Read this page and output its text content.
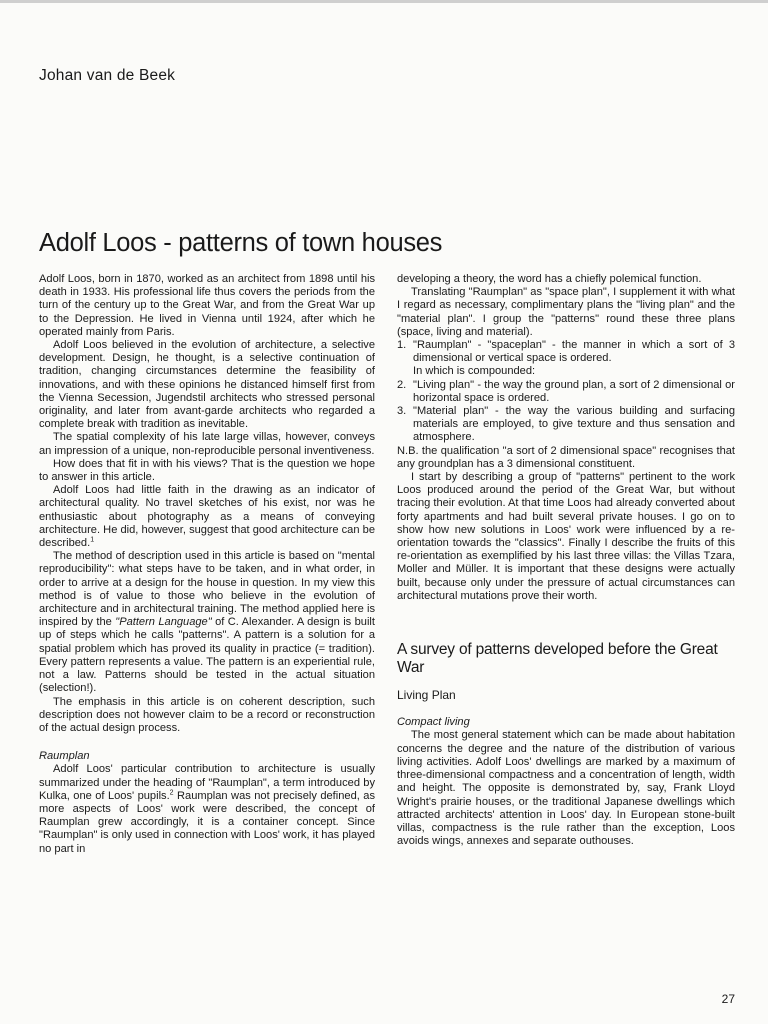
Johan van de Beek
Adolf Loos - patterns of town houses

Adolf Loos, born in 1870, worked as an architect from 1898 until his death in 1933. His professional life thus covers the periods from the turn of the century up to the Great War, and from the Great War up to the Depression. He lived in Vienna until 1924, after which he operated mainly from Paris.

Adolf Loos believed in the evolution of architecture, a selective development. Design, he thought, is a selective continuation of tradition, changing circumstances determine the feasibility of innovations, and with these opinions he distanced himself first from the Vienna Secession, Jugendstil architects who stressed personal originality, and later from avant-garde architects who regarded a complete break with tradition as inevitable.

The spatial complexity of his late large villas, however, conveys an impression of a unique, non-reproducible personal inventiveness.

How does that fit in with his views? That is the question we hope to answer in this article.

Adolf Loos had little faith in the drawing as an indicator of architectural quality. No travel sketches of his exist, nor was he enthusiastic about photography as a means of conveying architecture. He did, however, suggest that good architecture can be described.$^1$

The method of description used in this article is based on "mental reproducibility": what steps have to be taken, and in what order, in order to arrive at a design for the house in question. In my view this method is of value to those who believe in the evolution of architecture and in architectural training. The method applied here is inspired by the "Pattern Language" of C. Alexander. A design is built up of steps which he calls "patterns". A pattern is a solution for a spatial problem which has proved its quality in practice (= tradition). Every pattern represents a value. The pattern is an experiential rule, not a law. Patterns should be tested in the actual situation (selection!).

The emphasis in this article is on coherent description, such description does not however claim to be a record or reconstruction of the actual design process.

Raumplan

Adolf Loos' particular contribution to architecture is usually summarized under the heading of "Raumplan", a term introduced by Kulka, one of Loos' pupils.$^2$ Raumplan was not precisely defined, as more aspects of Loos' work were described, the concept of Raumplan grew accordingly, it is a container concept. Since "Raumplan" is only used in connection with Loos' work, it has played no part in

developing a theory, the word has a chiefly polemical function.

Translating "Raumplan" as "space plan", I supplement it with what I regard as necessary, complimentary plans the "living plan" and the "material plan". I group the "patterns" round these three plans (space, living and material).

1. "Raumplan" - "spaceplan" - the manner in which a sort of 3 dimensional or vertical space is ordered.
In which is compounded:
2. "Living plan" - the way the ground plan, a sort of 2 dimensional or horizontal space is ordered.
3. "Material plan" - the way the various building and surfacing materials are employed, to give texture and thus sensation and atmosphere.

N.B. the qualification "a sort of 2 dimensional space" recognises that any groundplan has a 3 dimensional constituent.

I start by describing a group of "patterns" pertinent to the work Loos produced around the period of the Great War, but without tracing their evolution. At that time Loos had already converted about forty apartments and had built several private houses. I go on to show how new solutions in Loos' work were influenced by a re-orientation towards the "classics". Finally I describe the fruits of this re-orientation as exemplified by his last three villas: the Villas Tzara, Moller and Müller. It is important that these designs were actually built, because only under the pressure of actual circumstances can architectural mutations prove their worth.

A survey of patterns developed before the Great War
Living Plan

Compact living

The most general statement which can be made about habitation concerns the degree and the nature of the distribution of various living activities. Adolf Loos' dwellings are marked by a maximum of three-dimensional compactness and a concentration of length, width and height. The opposite is demonstrated by, say, Frank Lloyd Wright's prairie houses, or the traditional Japanese dwellings which attracted architects' attention in Loos' day. In European stone-built villas, compactness is the rule rather than the exception, Loos avoids wings, annexes and separate outhouses.

27
